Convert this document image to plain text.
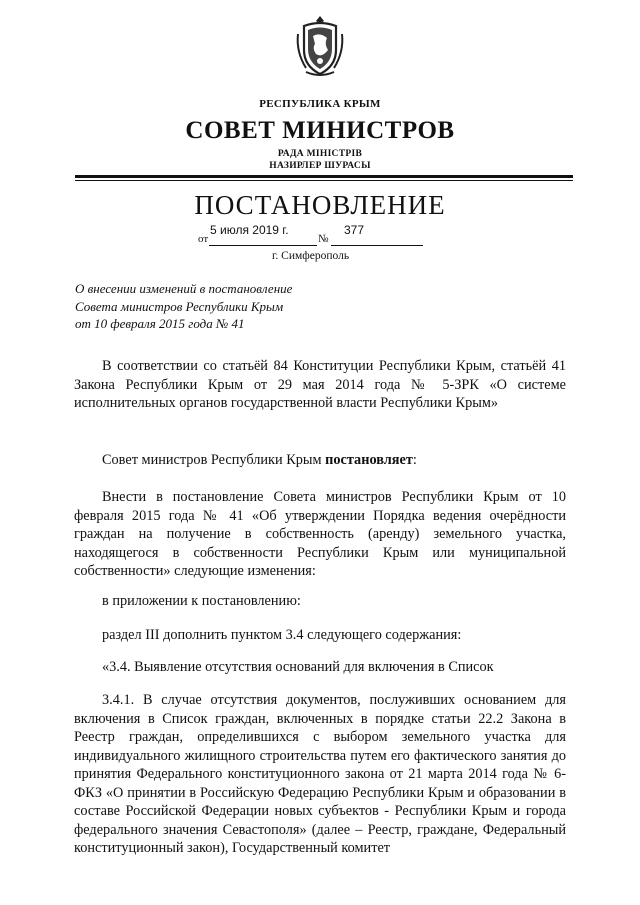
РЕСПУБЛИКА КРЫМ
СОВЕТ МИНИСТРОВ
РАДА МІНІСТРІВ
НАЗИРЛЕР ШУРАСЫ
ПОСТАНОВЛЕНИЕ
от
5 июля 2019 г.
№
377
г. Симферополь
О внесении изменений в постановление
Совета министров Республики Крым
от 10 февраля 2015 года № 41
В соответствии со статьёй 84 Конституции Республики Крым, статьёй 41 Закона Республики Крым от 29 мая 2014 года № 5-ЗРК «О системе исполнительных органов государственной власти Республики Крым»
Совет министров Республики Крым постановляет:
Внести в постановление Совета министров Республики Крым от 10 февраля 2015 года № 41 «Об утверждении Порядка ведения очерёдности граждан на получение в собственность (аренду) земельного участка, находящегося в собственности Республики Крым или муниципальной собственности» следующие изменения:
в приложении к постановлению:
раздел III дополнить пунктом 3.4 следующего содержания:
«3.4. Выявление отсутствия оснований для включения в Список
3.4.1. В случае отсутствия документов, послуживших основанием для включения в Список граждан, включенных в порядке статьи 22.2 Закона в Реестр граждан, определившихся с выбором земельного участка для индивидуального жилищного строительства путем его фактического занятия до принятия Федерального конституционного закона от 21 марта 2014 года № 6-ФКЗ «О принятии в Российскую Федерацию Республики Крым и образовании в составе Российской Федерации новых субъектов - Республики Крым и города федерального значения Севастополя» (далее – Реестр, граждане, Федеральный конституционный закон), Государственный комитет
